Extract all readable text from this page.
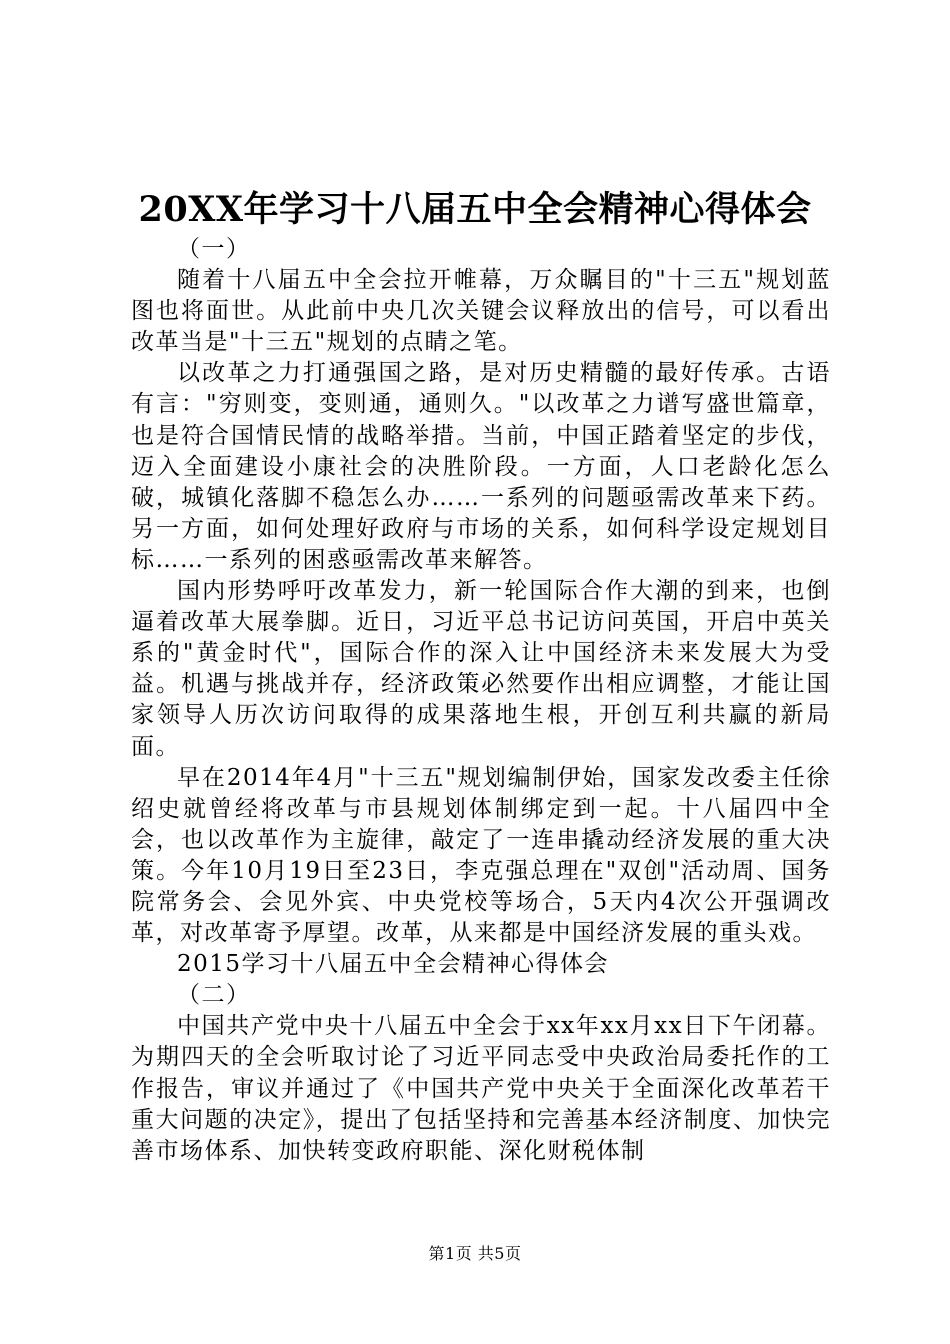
20XX年学习十八届五中全会精神心得体会

（一）

随着十八届五中全会拉开帷幕，万众瞩目的"十三五"规划蓝图也将面世。从此前中央几次关键会议释放出的信号，可以看出改革当是"十三五"规划的点睛之笔。

以改革之力打通强国之路，是对历史精髓的最好传承。古语有言："穷则变，变则通，通则久。"以改革之力谱写盛世篇章，也是符合国情民情的战略举措。当前，中国正踏着坚定的步伐，迈入全面建设小康社会的决胜阶段。一方面，人口老龄化怎么破，城镇化落脚不稳怎么办……一系列的问题亟需改革来下药。另一方面，如何处理好政府与市场的关系，如何科学设定规划目标……一系列的困惑亟需改革来解答。

国内形势呼吁改革发力，新一轮国际合作大潮的到来，也倒逼着改革大展拳脚。近日，习近平总书记访问英国，开启中英关系的"黄金时代"，国际合作的深入让中国经济未来发展大为受益。机遇与挑战并存，经济政策必然要作出相应调整，才能让国家领导人历次访问取得的成果落地生根，开创互利共赢的新局面。

早在2014年4月"十三五"规划编制伊始，国家发改委主任徐绍史就曾经将改革与市县规划体制绑定到一起。十八届四中全会，也以改革作为主旋律，敲定了一连串撬动经济发展的重大决策。今年10月19日至23日，李克强总理在"双创"活动周、国务院常务会、会见外宾、中央党校等场合，5天内4次公开强调改革，对改革寄予厚望。改革，从来都是中国经济发展的重头戏。

2015学习十八届五中全会精神心得体会

（二）

中国共产党中央十八届五中全会于xx年xx月xx日下午闭幕。为期四天的全会听取讨论了习近平同志受中央政治局委托作的工作报告，审议并通过了《中国共产党中央关于全面深化改革若干重大问题的决定》，提出了包括坚持和完善基本经济制度、加快完善市场体系、加快转变政府职能、深化财税体制

第1页 共5页
